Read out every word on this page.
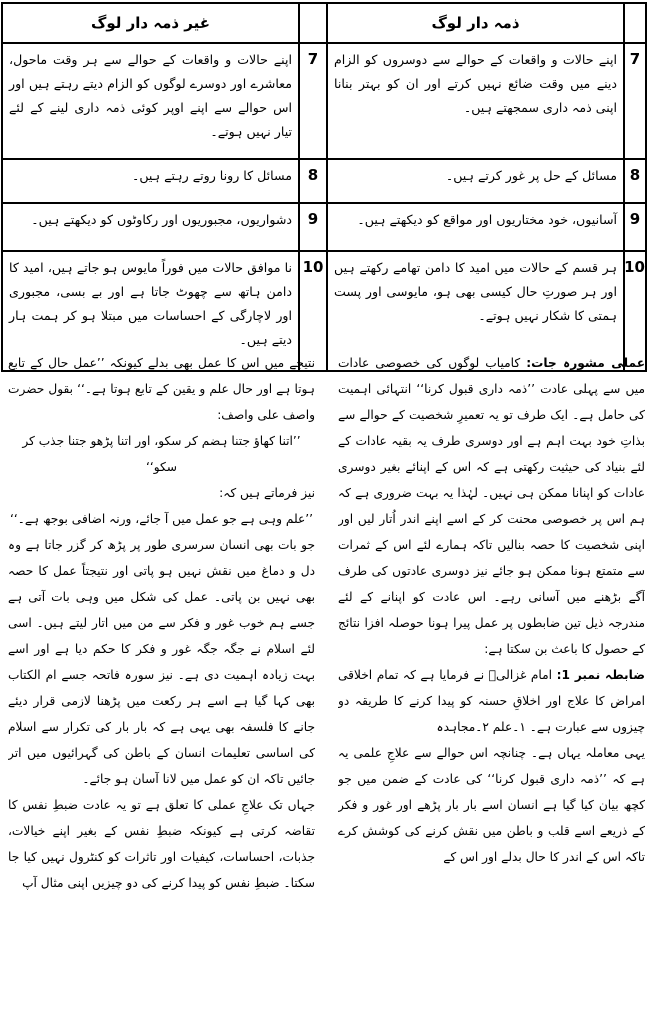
	ذمہ دار لوگ		غیر ذمہ دار لوگ
7	اپنے حالات و واقعات کے حوالے سے دوسروں کو الزام دینے میں وقت ضائع نہیں کرتے اور ان کو بہتر بنانا اپنی ذمہ داری سمجھتے ہیں۔	7	اپنے حالات و واقعات کے حوالے سے ہر وقت ماحول، معاشرے اور دوسرے لوگوں کو الزام دیتے رہتے ہیں اور اس حوالے سے اپنے اوپر کوئی ذمہ داری لینے کے لئے تیار نہیں ہوتے۔
8	مسائل کے حل پر غور کرتے ہیں۔	8	مسائل کا رونا روتے رہتے ہیں۔
9	آسانیوں، خود مختاریوں اور مواقع کو دیکھتے ہیں۔	9	دشواریوں، مجبوریوں اور رکاوٹوں کو دیکھتے ہیں۔
10	ہر قسم کے حالات میں امید کا دامن تھامے رکھتے ہیں اور ہر صورتِ حال کیسی بھی ہو، مایوسی اور پست ہمتی کا شکار نہیں ہوتے۔	10	نا موافق حالات میں فوراً مایوس ہو جاتے ہیں، امید کا دامن ہاتھ سے چھوٹ جاتا ہے اور بے بسی، مجبوری اور لاچارگی کے احساسات میں مبتلا ہو کر ہمت ہار دیتے ہیں۔

عملی مشورہ جات: کامیاب لوگوں کی خصوصی عادات میں سے پہلی عادت ’’ذمہ داری قبول کرنا‘‘ انتہائی اہمیت کی حامل ہے۔ ایک طرف تو یہ تعمیرِ شخصیت کے حوالے سے بذاتِ خود بہت اہم ہے اور دوسری طرف یہ بقیہ عادات کے لئے بنیاد کی حیثیت رکھتی ہے کہ اس کے اپنائے بغیر دوسری عادات کو اپنانا ممکن ہی نہیں۔ لہٰذا یہ بہت ضروری ہے کہ ہم اس پر خصوصی محنت کر کے اسے اپنے اندر اُتار لیں اور اپنی شخصیت کا حصہ بنالیں تاکہ ہمارے لئے اس کے ثمرات سے متمتع ہونا ممکن ہو جائے نیز دوسری عادتوں کی طرف آگے بڑھنے میں آسانی رہے۔ اس عادت کو اپنانے کے لئے مندرجہ ذیل تین ضابطوں پر عمل پیرا ہونا حوصلہ افزا نتائج کے حصول کا باعث بن سکتا ہے:

ضابطہ نمبر 1: امام غزالیؒ نے فرمایا ہے کہ تمام اخلاقی امراض کا علاج اور اخلاقِ حسنہ کو پیدا کرنے کا طریقہ دو چیزوں سے عبارت ہے۔ ۱۔علم ۲۔مجاہدہ

یہی معاملہ یہاں ہے۔ چنانچہ اس حوالے سے علاجِ علمی یہ ہے کہ ’’ذمہ داری قبول کرنا‘‘ کی عادت کے ضمن میں جو کچھ بیان کیا گیا ہے انسان اسے بار بار پڑھے اور غور و فکر کے ذریعے اسے قلب و باطن میں نقش کرنے کی کوشش کرے تاکہ اس کے اندر کا حال بدلے اور اس کے

نتیجے میں اس کا عمل بھی بدلے کیونکہ ’’عمل حال کے تابع ہوتا ہے اور حال علم و یقین کے تابع ہوتا ہے۔‘‘ بقول حضرت واصف علی واصف:

’’اتنا کھاؤ جتنا ہضم کر سکو، اور اتنا پڑھو جتنا جذب کر سکو‘‘

نیز فرماتے ہیں کہ:

’’علم وہی ہے جو عمل میں آ جائے، ورنہ اضافی بوجھ ہے۔‘‘

جو بات بھی انسان سرسری طور پر پڑھ کر گزر جاتا ہے وہ دل و دماغ میں نقش نہیں ہو پاتی اور نتیجتاً عمل کا حصہ بھی نہیں بن پاتی۔ عمل کی شکل میں وہی بات آتی ہے جسے ہم خوب غور و فکر سے من میں اتار لیتے ہیں۔ اسی لئے اسلام نے جگہ جگہ غور و فکر کا حکم دیا ہے اور اسے بہت زیادہ اہمیت دی ہے۔ نیز سورہ فاتحہ جسے ام الکتاب بھی کہا گیا ہے اسے ہر رکعت میں پڑھنا لازمی قرار دیئے جانے کا فلسفہ بھی یہی ہے کہ بار بار کی تکرار سے اسلام کی اساسی تعلیمات انسان کے باطن کی گہرائیوں میں اتر جائیں تاکہ ان کو عمل میں لانا آسان ہو جائے۔

جہاں تک علاجِ عملی کا تعلق ہے تو یہ عادت ضبطِ نفس کا تقاضہ کرتی ہے کیونکہ ضبطِ نفس کے بغیر اپنے خیالات، جذبات، احساسات، کیفیات اور تاثرات کو کنٹرول نہیں کیا جا سکتا۔ ضبطِ نفس کو پیدا کرنے کی دو چیزیں اپنی مثال آپ
